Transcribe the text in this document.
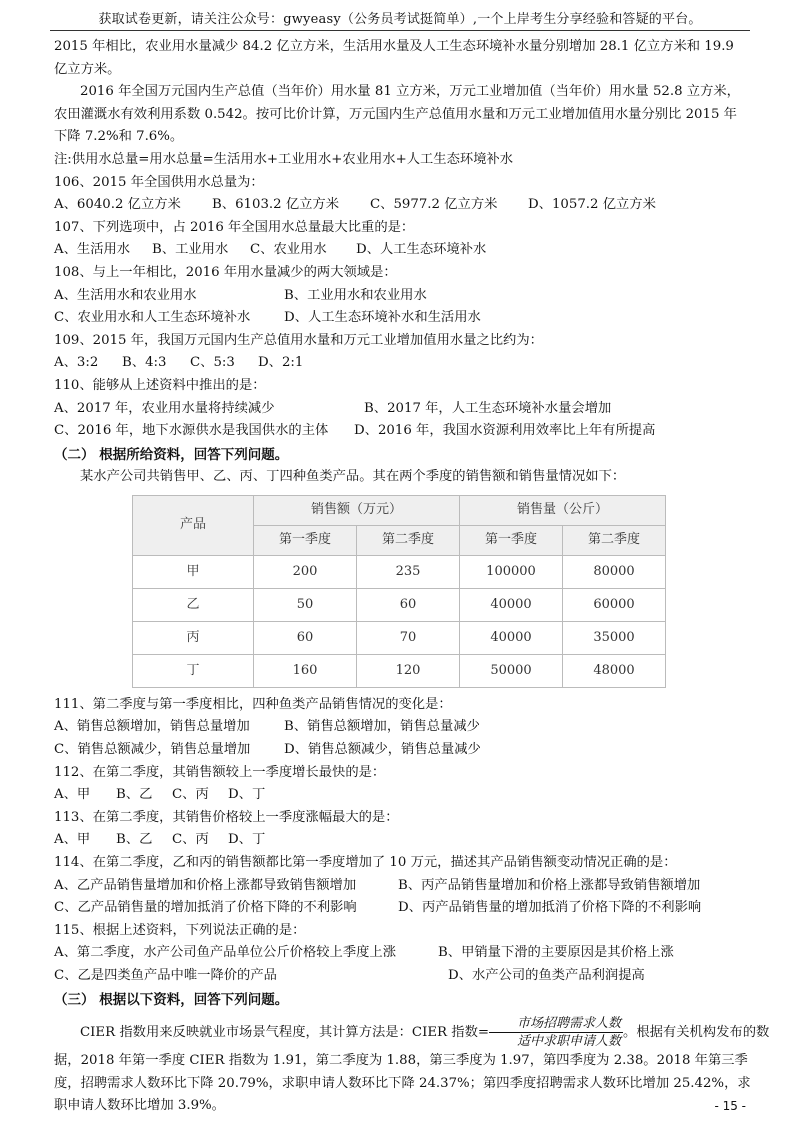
获取试卷更新，请关注公众号：gwyeasy（公务员考试挺简单）,一个上岸考生分享经验和答疑的平台。

2015 年相比，农业用水量减少 84.2 亿立方米，生活用水量及人工生态环境补水量分别增加 28.1 亿立方米和 19.9

亿立方米。

2016 年全国万元国内生产总值（当年价）用水量 81 立方米，万元工业增加值（当年价）用水量 52.8 立方米，

农田灌溉水有效利用系数 0.542。按可比价计算，万元国内生产总值用水量和万元工业增加值用水量分别比 2015 年

下降 7.2%和 7.6%。

注:供用水总量=用水总量=生活用水+工业用水+农业用水+人工生态环境补水

106、2015 年全国供用水总量为：

A、6040.2 亿立方米	B、6103.2 亿立方米	C、5977.2 亿立方米	D、1057.2 亿立方米

107、下列选项中，占 2016 年全国用水总量最大比重的是：

A、生活用水	B、工业用水	C、农业用水	D、人工生态环境补水

108、与上一年相比，2016 年用水量减少的两大领域是：

A、生活用水和农业用水	B、工业用水和农业用水
C、农业用水和人工生态环境补水	D、人工生态环境补水和生活用水

109、2015 年，我国万元国内生产总值用水量和万元工业增加值用水量之比约为：

A、3:2	B、4:3	C、5:3	D、2:1

110、能够从上述资料中推出的是：

A、2017 年，农业用水量将持续减少	B、2017 年，人工生态环境补水量会增加
C、2016 年，地下水源供水是我国供水的主体	D、2016 年，我国水资源利用效率比上年有所提高

（二） 根据所给资料，回答下列问题。

某水产公司共销售甲、乙、丙、丁四种鱼类产品。其在两个季度的销售额和销售量情况如下：

产品	销售额（万元）		销售量（公斤）	
	第一季度	第二季度	第一季度	第二季度
甲	200	235	100000	80000
乙	50	60	40000	60000
丙	60	70	40000	35000
丁	160	120	50000	48000

111、第二季度与第一季度相比，四种鱼类产品销售情况的变化是：

A、销售总额增加，销售总量增加	B、销售总额增加，销售总量减少
C、销售总额减少，销售总量增加	D、销售总额减少，销售总量减少

112、在第二季度，其销售额较上一季度增长最快的是：

A、甲	B、乙	C、丙	D、丁

113、在第二季度，其销售价格较上一季度涨幅最大的是：

A、甲	B、乙	C、丙	D、丁

114、在第二季度，乙和丙的销售额都比第一季度增加了 10 万元，描述其产品销售额变动情况正确的是：

A、乙产品销售量增加和价格上涨都导致销售额增加	B、丙产品销售量增加和价格上涨都导致销售额增加
C、乙产品销售量的增加抵消了价格下降的不利影响	D、丙产品销售量的增加抵消了价格下降的不利影响

115、根据上述资料，下列说法正确的是：

A、第二季度，水产公司鱼产品单位公斤价格较上季度上涨	B、甲销量下滑的主要原因是其价格上涨
C、乙是四类鱼产品中唯一降价的产品	D、水产公司的鱼类产品利润提高

（三） 根据以下资料，回答下列问题。

CIER 指数用来反映就业市场景气程度，其计算方法是：CIER 指数= $\frac{\text{市场招聘需求人数}}{\text{适中求职申请人数}}$ 。根据有关机构发布的数

据，2018 年第一季度 CIER 指数为 1.91，第二季度为 1.88，第三季度为 1.97，第四季度为 2.38。2018 年第三季

度，招聘需求人数环比下降 20.79%，求职申请人数环比下降 24.37%；第四季度招聘需求人数环比增加 25.42%，求

职申请人数环比增加 3.9%。	- 15 -
